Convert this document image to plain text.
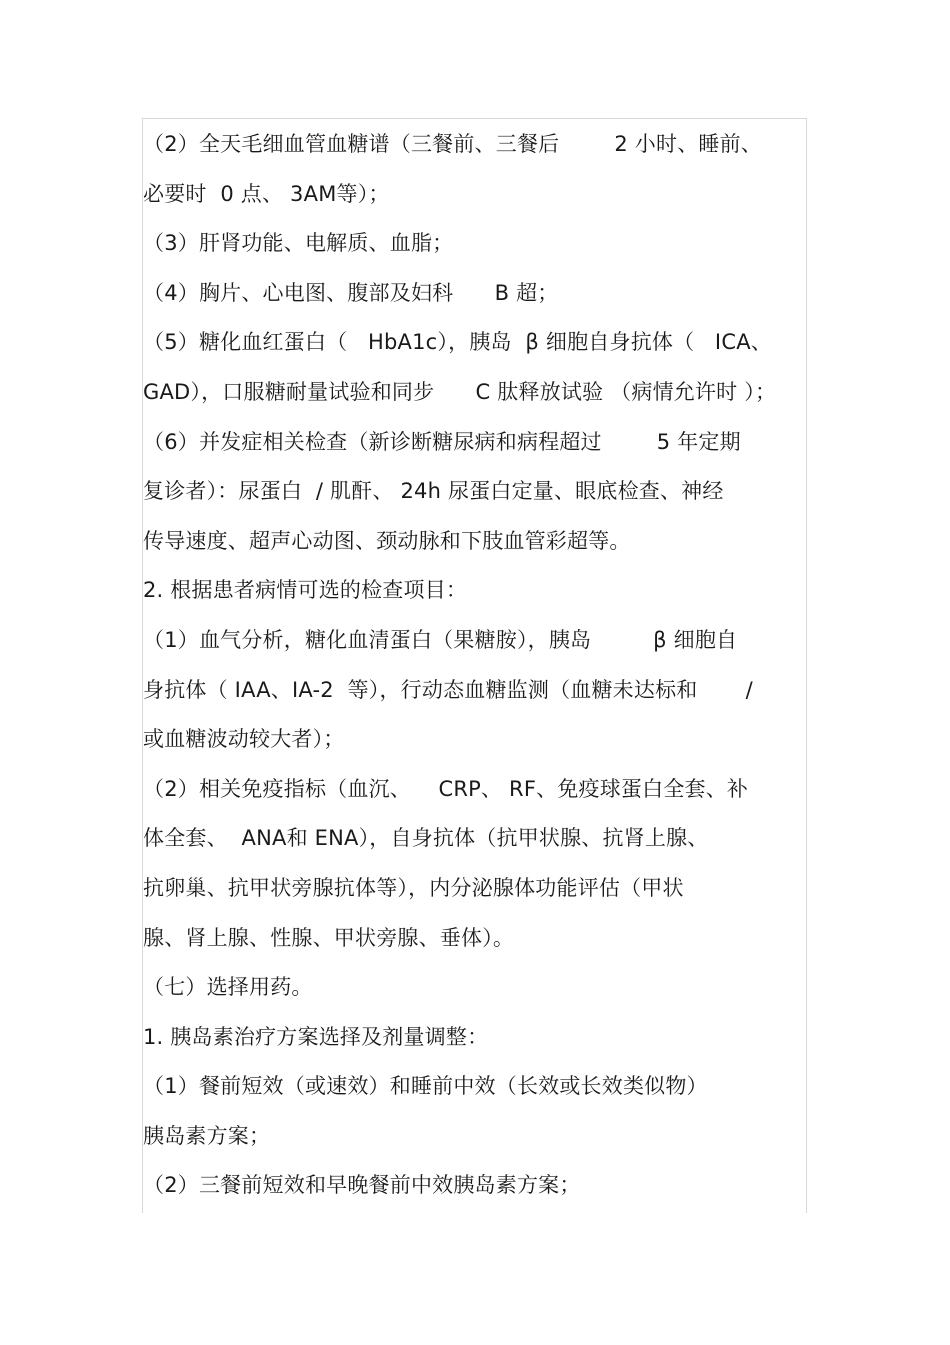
（2）全天毛细血管血糖谱（三餐前、三餐后        2 小时、睡前、
必要时  0 点、 3AM等）；
（3）肝肾功能、电解质、血脂；
（4）胸片、心电图、腹部及妇科      B 超；
（5）糖化血红蛋白（   HbA1c），胰岛  β 细胞自身抗体（   ICA、
GAD），口服糖耐量试验和同步      C 肽释放试验 （病情允许时 ）；
（6）并发症相关检查（新诊断糖尿病和病程超过        5 年定期
复诊者）：尿蛋白  / 肌酐、 24h 尿蛋白定量、眼底检查、神经
传导速度、超声心动图、颈动脉和下肢血管彩超等。
2. 根据患者病情可选的检查项目：
（1）血气分析，糖化血清蛋白（果糖胺），胰岛         β 细胞自
身抗体（ IAA、IA-2  等），行动态血糖监测（血糖未达标和       /
或血糖波动较大者）；
（2）相关免疫指标（血沉、    CRP、 RF、免疫球蛋白全套、补
体全套、  ANA和 ENA），自身抗体（抗甲状腺、抗肾上腺、
抗卵巢、抗甲状旁腺抗体等），内分泌腺体功能评估（甲状
腺、肾上腺、性腺、甲状旁腺、垂体）。
（七）选择用药。
1. 胰岛素治疗方案选择及剂量调整：
（1）餐前短效（或速效）和睡前中效（长效或长效类似物）
胰岛素方案；
（2）三餐前短效和早晚餐前中效胰岛素方案；
